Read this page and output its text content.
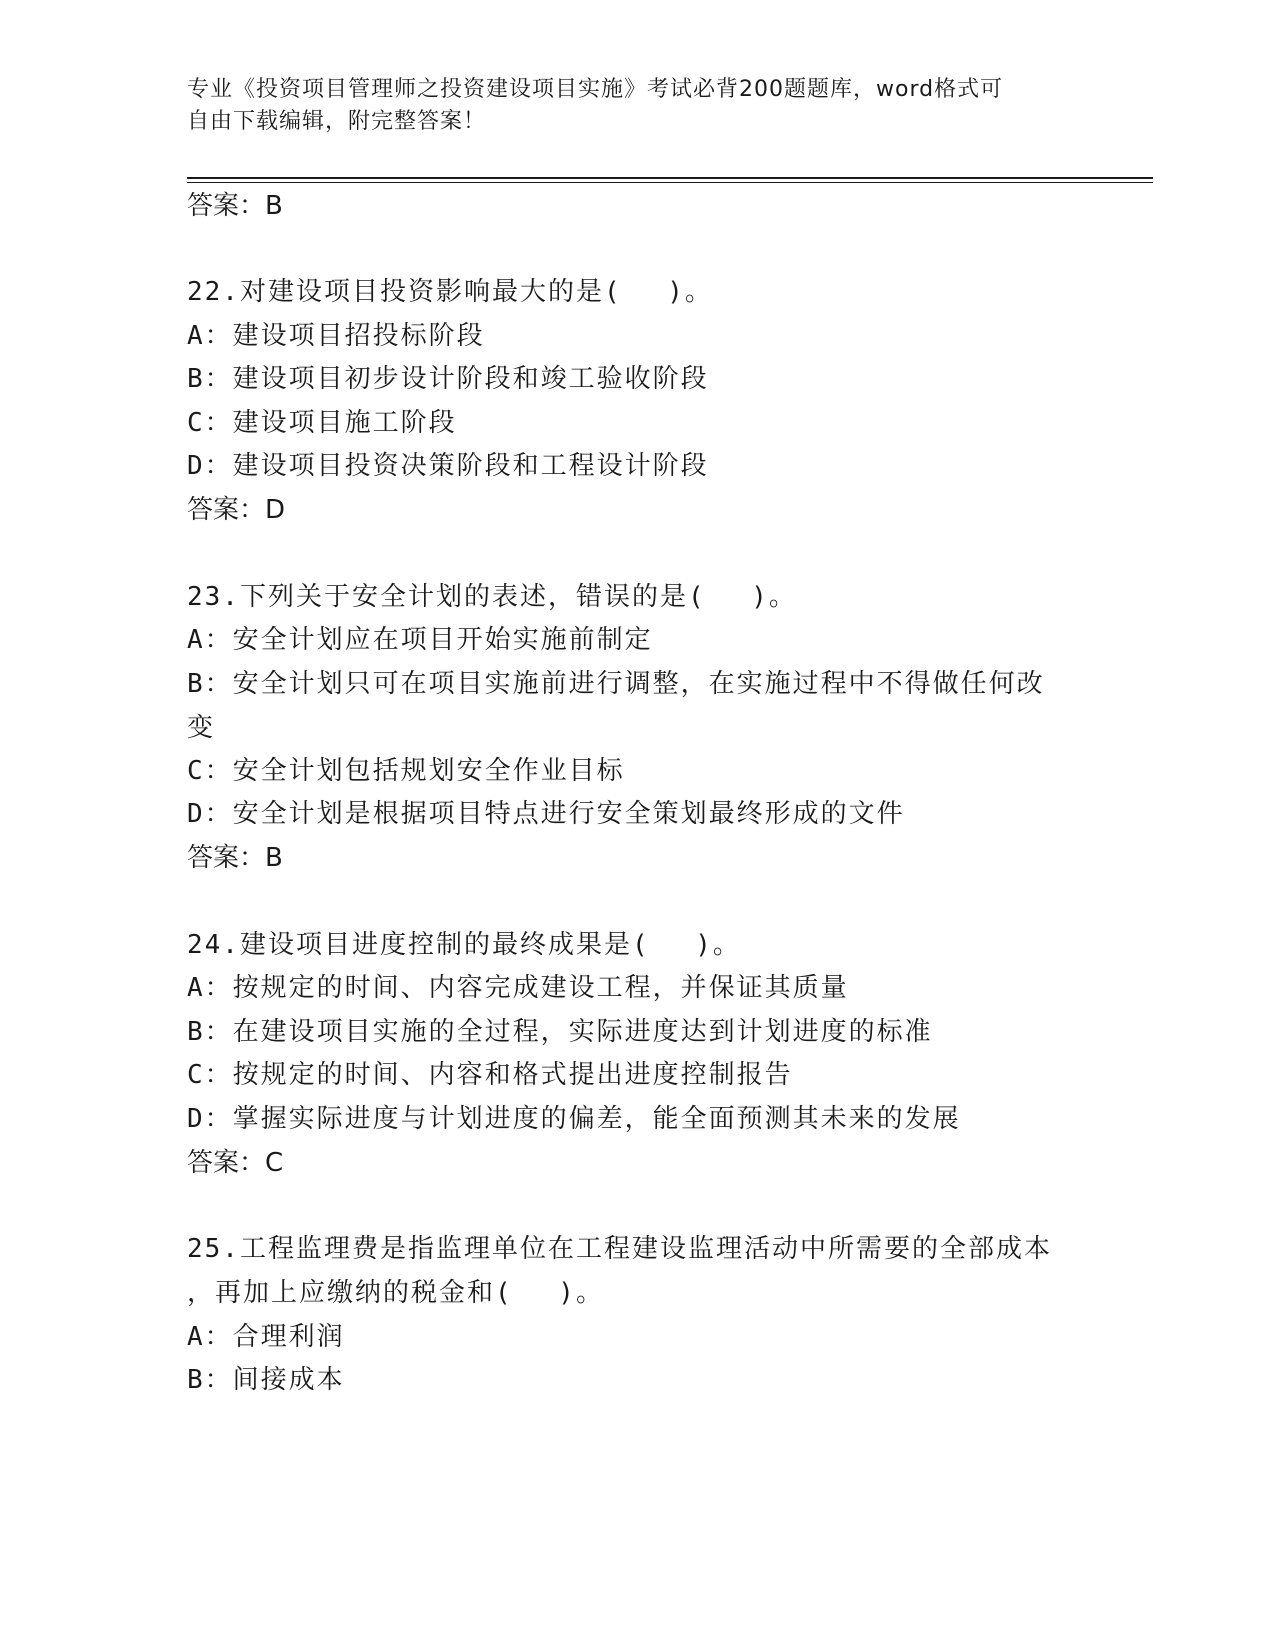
专业《投资项目管理师之投资建设项目实施》考试必背200题题库，word格式可
自由下载编辑，附完整答案！
答案：B
22.对建设项目投资影响最大的是(　 )。
A：建设项目招投标阶段
B：建设项目初步设计阶段和竣工验收阶段
C：建设项目施工阶段
D：建设项目投资决策阶段和工程设计阶段
答案：D
23.下列关于安全计划的表述，错误的是(　 )。
A：安全计划应在项目开始实施前制定
B：安全计划只可在项目实施前进行调整，在实施过程中不得做任何改
变
C：安全计划包括规划安全作业目标
D：安全计划是根据项目特点进行安全策划最终形成的文件
答案：B
24.建设项目进度控制的最终成果是(　 )。
A：按规定的时间、内容完成建设工程，并保证其质量
B：在建设项目实施的全过程，实际进度达到计划进度的标准
C：按规定的时间、内容和格式提出进度控制报告
D：掌握实际进度与计划进度的偏差，能全面预测其未来的发展
答案：C
25.工程监理费是指监理单位在工程建设监理活动中所需要的全部成本
，再加上应缴纳的税金和(　 )。
A：合理利润
B：间接成本
